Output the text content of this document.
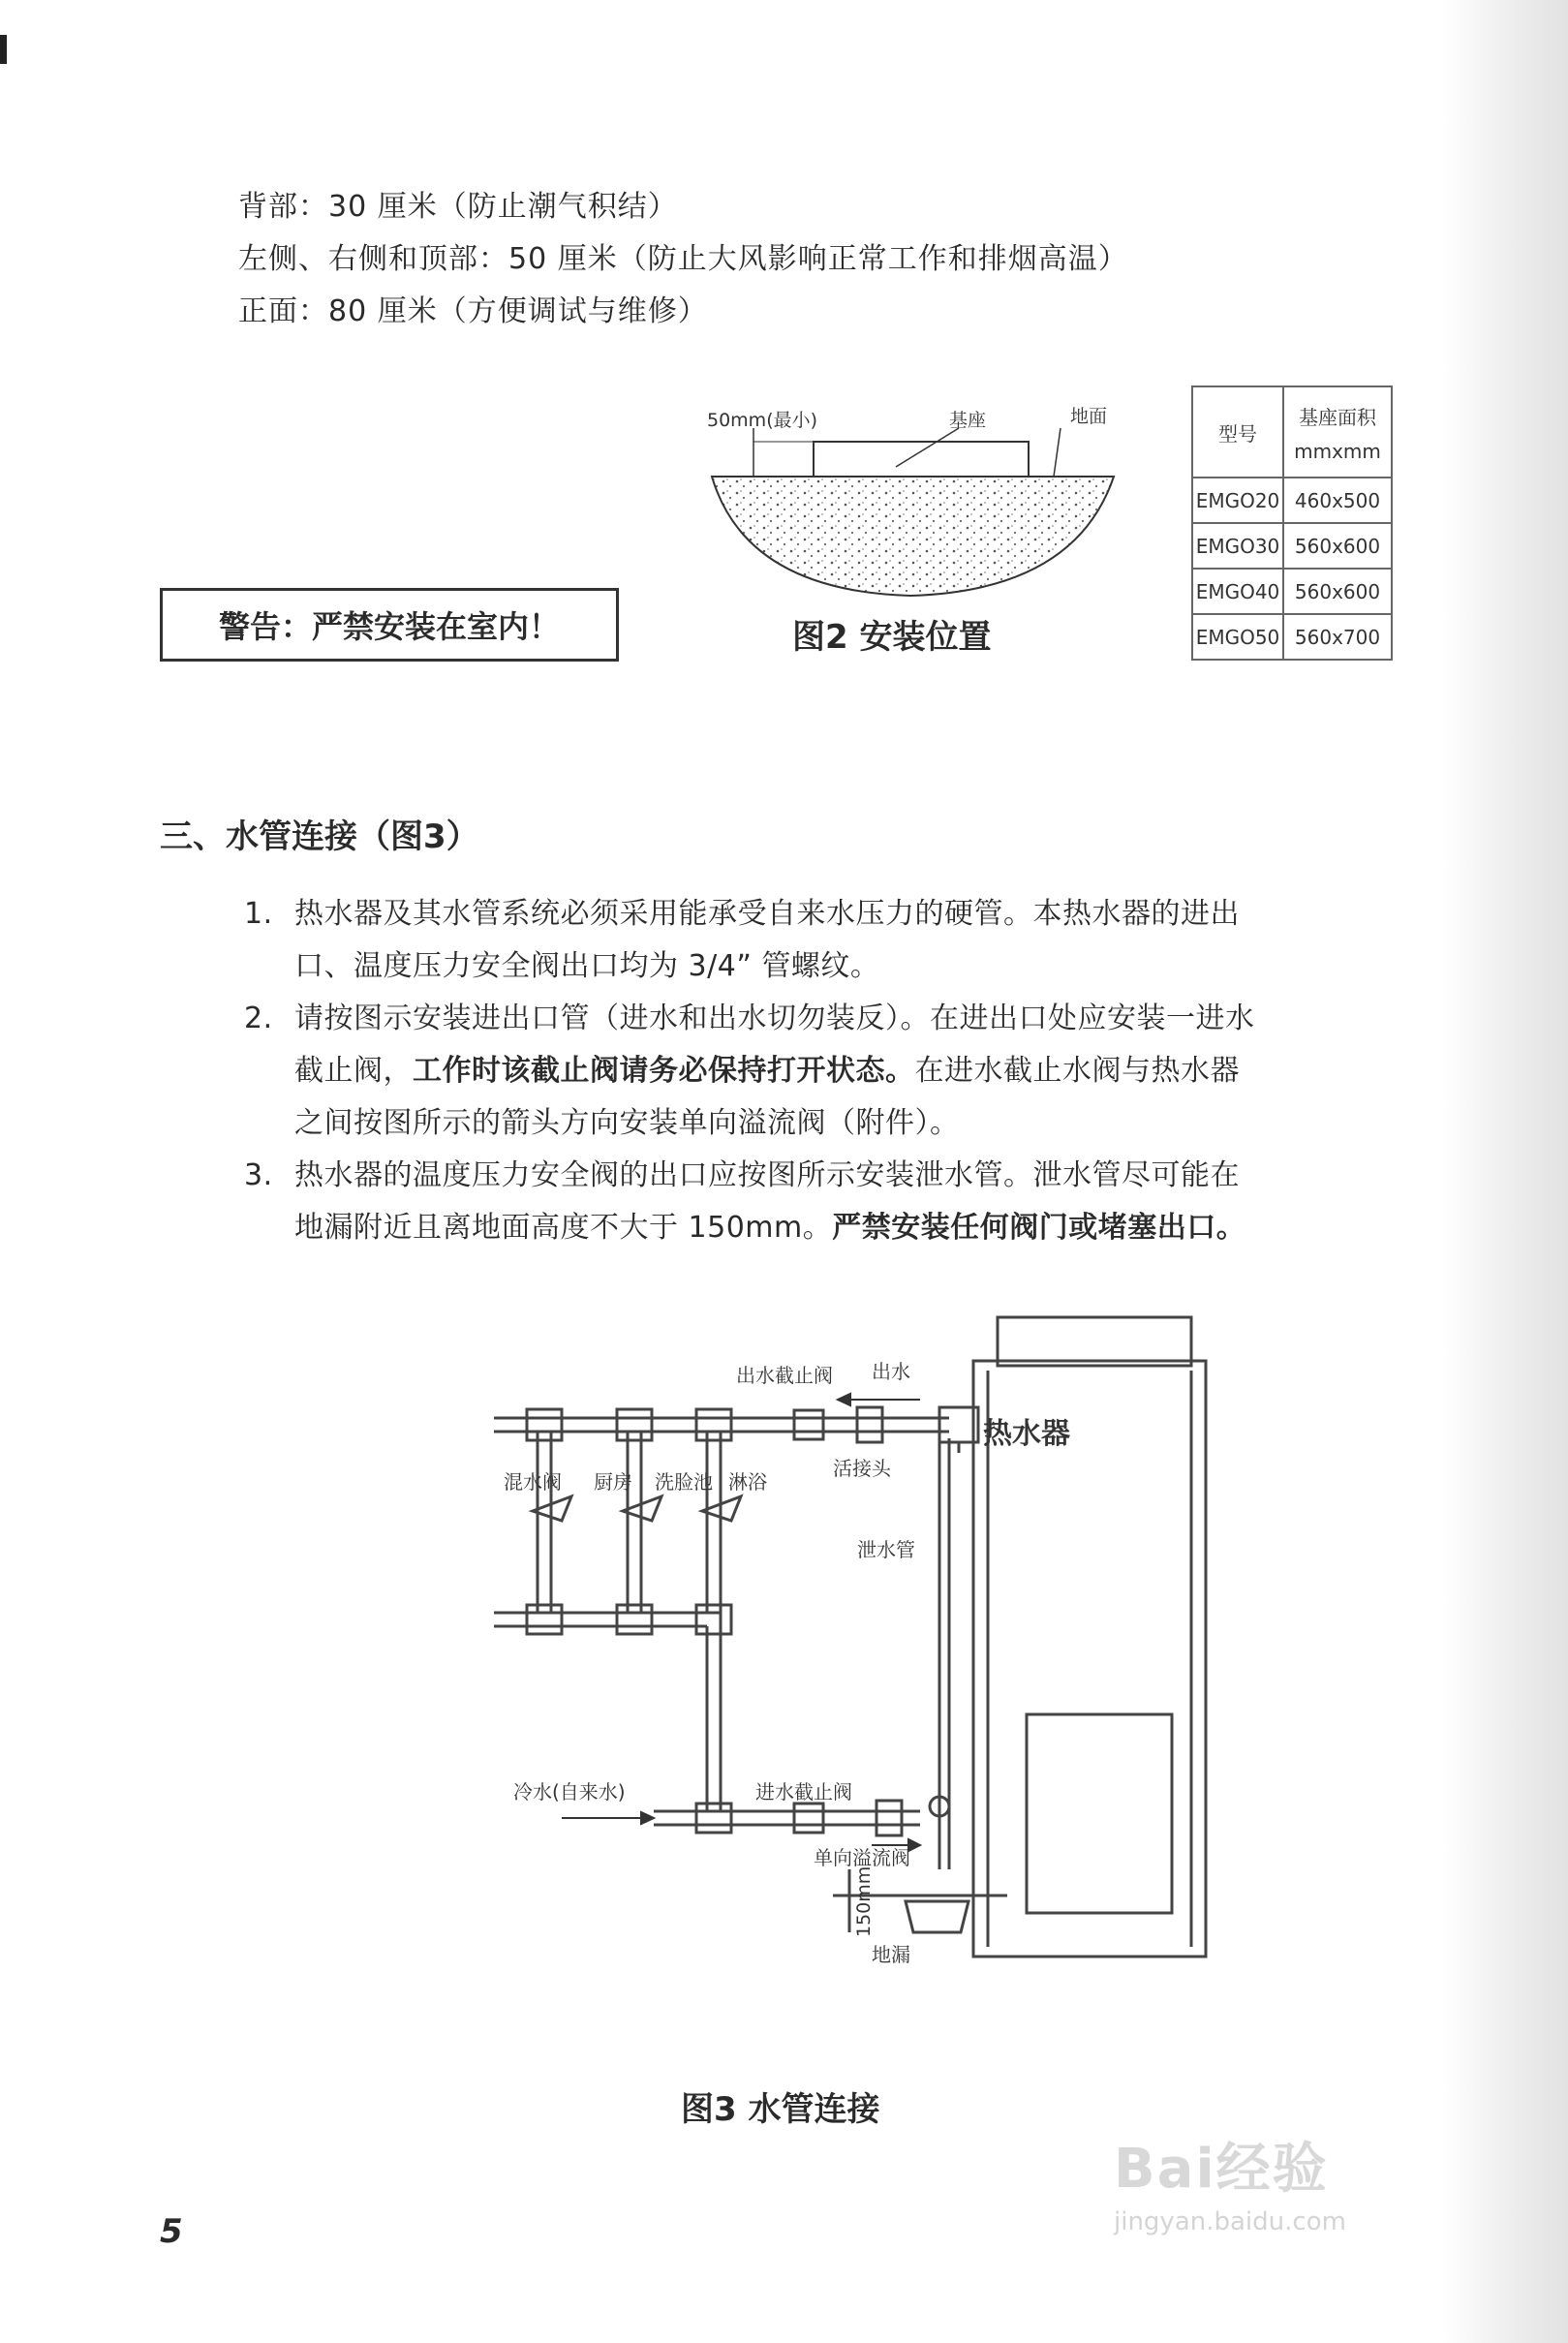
背部：30 厘米（防止潮气积结）
左侧、右侧和顶部：50 厘米（防止大风影响正常工作和排烟高温）
正面：80 厘米（方便调试与维修）
警告：严禁安装在室内！
50mm(最小)	基座	地面
图2 安装位置
型号	基座面积
mmxmm

EMGO20	460x500
EMGO30	560x600
EMGO40	560x600
EMGO50	560x700
三、水管连接（图3）
1. 热水器及其水管系统必须采用能承受自来水压力的硬管。本热水器的进出
口、温度压力安全阀出口均为 3/4” 管螺纹。
2. 请按图示安装进出口管（进水和出水切勿装反）。在进出口处应安装一进水
截止阀，工作时该截止阀请务必保持打开状态。在进水截止水阀与热水器
之间按图所示的箭头方向安装单向溢流阀（附件）。
3. 热水器的温度压力安全阀的出口应按图所示安装泄水管。泄水管尽可能在
地漏附近且离地面高度不大于 150mm。严禁安装任何阀门或堵塞出口。
热水器
出水截止阀 出水
活接头
混水阀 厨房 洗脸池 淋浴
泄水管
冷水(自来水)	进水截止阀
单向溢流阀
地漏
150mm
图3 水管连接
5
Bai经验
jingyan.baidu.com
